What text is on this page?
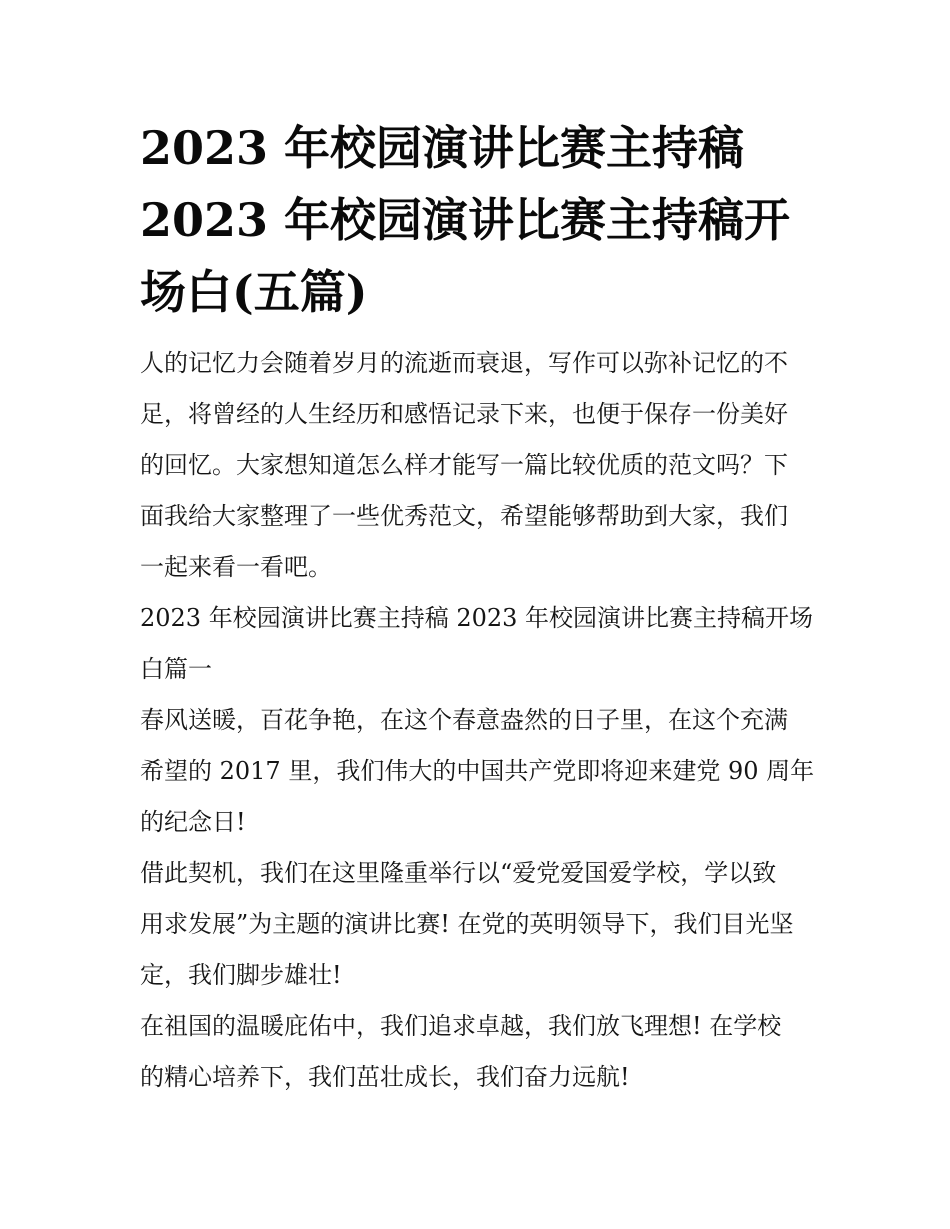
2023 年校园演讲比赛主持稿
2023 年校园演讲比赛主持稿开
场白(五篇)

人的记忆力会随着岁月的流逝而衰退，写作可以弥补记忆的不
足，将曾经的人生经历和感悟记录下来，也便于保存一份美好
的回忆。大家想知道怎么样才能写一篇比较优质的范文吗？下
面我给大家整理了一些优秀范文，希望能够帮助到大家，我们
一起来看一看吧。

2023 年校园演讲比赛主持稿 2023 年校园演讲比赛主持稿开场
白篇一

春风送暖，百花争艳，在这个春意盎然的日子里，在这个充满
希望的 2017 里，我们伟大的中国共产党即将迎来建党 90 周年
的纪念日!

借此契机，我们在这里隆重举行以“爱党爱国爱学校，学以致
用求发展”为主题的演讲比赛! 在党的英明领导下，我们目光坚
定，我们脚步雄壮!

在祖国的温暖庇佑中，我们追求卓越，我们放飞理想! 在学校
的精心培养下，我们茁壮成长，我们奋力远航!
